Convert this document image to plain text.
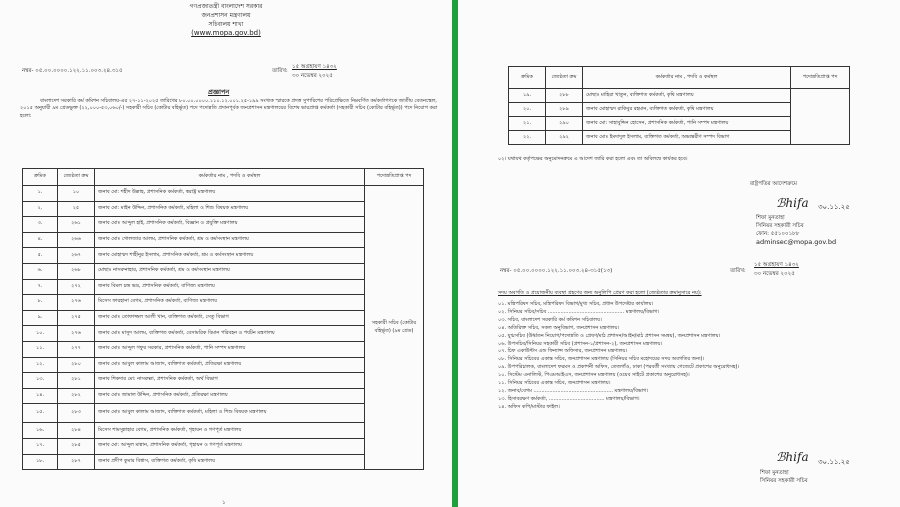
গণপ্রজাতন্ত্রী বাংলাদেশ সরকার
জনপ্রশাসন মন্ত্রণালয়
সচিবালয় শাখা
(www.mopa.gov.bd)
নম্বর- ০৫.০০.০০০০.১২২.১১.০০৩.২৪.৩১৫	তারিখ:
১৫ অগ্রহায়ণ ১৪৩২
৩০ নভেম্বর ২০২৫
প্রজ্ঞাপন
বাংলাদেশ সরকারি কর্ম কমিশন সচিবালয়-এর ২৭-১১-২০২৫ তারিখের ৮০.০০.০০০০.১১০.১২.০০১.২৫-১৯৯ সংখ্যক স্মারকে প্রদত্ত সুপারিশের পরিপ্রেক্ষিতে নিম্নবর্ণিত কর্মকর্তাগণকে জাতীয় বেতনস্কেল, ২০১৫ অনুযায়ী ৯ম গ্রেডভুক্ত (২২,০০০-৫৩,০৬০/-) সহকারী সচিব (কোটার বহির্ভূত) পদে পদোন্নতি প্রদানপূর্বক জনপ্রশাসন মন্ত্রণালয়ের বিশেষ ভারপ্রাপ্ত কর্মকর্তা (সহকারী সচিব (কোটার বহির্ভূত)) পদে নিয়োগ করা হলো:
ক্রমিক	জ্যেষ্ঠতা ক্রম	কর্মকর্তার নাম , পদবি ও কর্মস্থল	পদোন্নতিপ্রাপ্ত পদ
১.	১০	জনাব মো: শহীদ উল্লাহ, প্রশাসনিক কর্মকর্তা, স্বরাষ্ট্র মন্ত্রণালয়	সহকারী সচিব (কোটার বহির্ভূত) (৯ম গ্রেড)
২.	২৫	জনাব মো: মাইন উদ্দিন, প্রশাসনিক কর্মকর্তা, মহিলা ও শিশু বিষয়ক মন্ত্রণালয়	
৩.	২৬১	জনাব মোঃ আব্দুল হাই, প্রশাসনিক কর্মকর্তা, বিজ্ঞান ও প্রযুক্তি মন্ত্রণালয়	
৪.	২৬৬	জনাব মোঃ গোলজার আলম, প্রশাসনিক কর্মকর্তা, শ্রম ও কর্মসংস্থান মন্ত্রণালয়	
৫.	২৬৭	জনাব মোহাম্মদ শাহীনুর ইসলাম, প্রশাসনিক কর্মকর্তা, শ্রম ও কর্মসংস্থান মন্ত্রণালয়	
৬.	২৬৮	মোছাঃ নাসরুনাহার, প্রশাসনিক কর্মকর্তা, শ্রম ও কর্মসংস্থান মন্ত্রণালয়	
৭.	২৭২	জনাব বিমল চন্দ্র ভদ্র, প্রশাসনিক কর্মকর্তা, বাণিজ্য মন্ত্রণালয়	
৮.	২৭৬	মিসেস ফারহানা বেগম, প্রশাসনিক কর্মকর্তা, বাণিজ্য মন্ত্রণালয়	
৯.	২৭৫	জনাব মোঃ তোফাজ্জল আলী খান, ব্যক্তিগত কর্মকর্তা, সেতু বিভাগ	
১০.	২৭৬	জনাব মোঃ মাসুদ আলম, ব্যক্তিগত কর্মকর্তা, বেসামরিক বিমান পরিবহন ও পর্যটন মন্ত্রণালয়	
১১.	২৭৭	জনাব মোঃ আব্দুল গফুর সরকার, প্রশাসনিক কর্মকর্তা, পানি সম্পদ মন্ত্রণালয়	
১২.	২৮০	জনাব মোঃ আবুল কালাম আজাদ, ব্যক্তিগত কর্মকর্তা, প্রতিরক্ষা মন্ত্রণালয়	
১৩.	২৮১	জনাব শিকদার মো: নাসরুল্লা, প্রশাসনিক কর্মকর্তা, অর্থ বিভাগ	
১৪.	২৮২	জনাব মোঃ জামাল উদ্দিন, প্রশাসনিক কর্মকর্তা, প্রতিরক্ষা মন্ত্রণালয়	
১৫.	২৮৩	জনাব মোঃ আবুল কালাম আজাদ, ব্যক্তিগত কর্মকর্তা, মহিলা ও শিশু বিষয়ক মন্ত্রণালয়	
১৬.	২৮৪	মিসেস শামসুন্নাহার বেগম, প্রশাসনিক কর্মকর্তা, গৃহায়ন ও গণপূর্ত মন্ত্রণালয়	
১৭.	২৮৫	জনাব মো: আব্দুল মান্নান, প্রশাসনিক কর্মকর্তা, গৃহায়ন ও গণপূর্ত মন্ত্রণালয়	
১৮.	২৮৭	জনাব প্রদীপ কুমার বিশ্বাস, ব্যক্তিগত কর্মকর্তা, কৃষি মন্ত্রণালয়	
১
ক্রমিক	জ্যেষ্ঠতা ক্রম	কর্মকর্তার নাম , পদবি ও কর্মস্থল	পদোন্নতিপ্রাপ্ত পদ
১৯.	২৮৮	মোছাঃ মাহিরা খাতুন, ব্যক্তিগত কর্মকর্তা, কৃষি মন্ত্রণালয়	
২০.	২৮৯	জনাব মোহাম্মদ রাকিবুর রহমান, ব্যক্তিগত কর্মকর্তা, কৃষি মন্ত্রণালয়	
২১.	২৯০	জনাব মো: সাহাবুদ্দিন হোসেন, প্রশাসনিক কর্মকর্তা, পানি সম্পদ মন্ত্রণালয়	
২২.	২৯২	জনাব মোঃ ইমদাদুল ইসলাম, ব্যক্তিগত কর্মকর্তা, অভ্যন্তরীণ সম্পদ বিভাগ	
০২। যথাযথ কর্তৃপক্ষের অনুমোদনক্রমে এ আদেশ জারি করা হলো এবং তা অবিলম্বে কার্যকর হবে।
রাষ্ট্রপতির আদেশক্রমে
ℬhifa ৩০.১১.২৫
শিফা মুনতাহা
সিনিয়র সহকারী সচিব
ফোন: ৫৫১০০১৮৮
adminsec@mopa.gov.bd
নম্বর- ০৫.০০.০০০০.১২২.১১.০০৩.২৪-৩১৫(১৩)	তারিখ:
১৫ অগ্রহায়ণ ১৪৩২
৩০ নভেম্বর ২০২৫
সদয় অবগতি ও প্রয়োজনীয় ব্যবস্থা গ্রহণের জন্য অনুলিপি প্রেরণ করা হলো (জ্যেষ্ঠতার ক্রমানুসারে নয়):
০১. মন্ত্রিপরিষদ সচিব, মন্ত্রিপরিষদ বিভাগ/মুখ্য সচিব, প্রধান উপদেষ্টার কার্যালয়।
০২. সিনিয়র সচিব/সচিব ................................................ মন্ত্রণালয়/বিভাগ।
০৩. সচিব, বাংলাদেশ সরকারি কর্ম কমিশন সচিবালয়।
০৪. অতিরিক্ত সচিব, সকল অনুবিভাগ, জনপ্রশাসন মন্ত্রণালয়।
০৫. যুগ্মসচিব (উর্ধ্বতন নিয়োগ/পদোন্নতি ও প্রেষণ/মাঠ প্রশাসন/আইন/মাঠ প্রশাসন সমন্বয়), জনপ্রশাসন মন্ত্রণালয়।
০৬. উপসচিব/সিনিয়র সহকারী সচিব (প্রশাসন-১/প্রশাসন-২), জনপ্রশাসন মন্ত্রণালয়।
০৭. চিফ একাউন্টস এন্ড ফিন্যান্স অফিসার, জনপ্রশাসন মন্ত্রণালয়।
০৮. সিনিয়র সচিবের একান্ত সচিব, জনপ্রশাসন মন্ত্রণালয় (সিনিয়র সচিব মহোদয়ের সদয় অবগতির জন্য)।
০৯. উপপরিচালক, বাংলাদেশ ফরমস ও প্রকাশনী অফিস, তেজগাঁও, ঢাকা (পরবর্তী সংখ্যায় গেজেটে প্রকাশের অনুরোধসহ)।
১০. সিস্টেম এনালিস্ট, পিএমআইএস, জনপ্রশাসন মন্ত্রণালয় (ওয়েব সাইটে প্রকাশের অনুরোধসহ)।
১১. সিনিয়র সচিবের একান্ত সচিব, জনপ্রশাসন মন্ত্রণালয়।
১২. জনাব/বেগম .................................................. মন্ত্রণালয়/বিভাগ।
১৩. হিসাবরক্ষণ কর্মকর্তা, ................................... মন্ত্রণালয়/বিভাগ।
১৪. অফিস কপি/মাস্টার ফাইল।
ℬhifa ৩০.১১.২৫
শিফা মুনতাহা
সিনিয়র সহকারী সচিব
